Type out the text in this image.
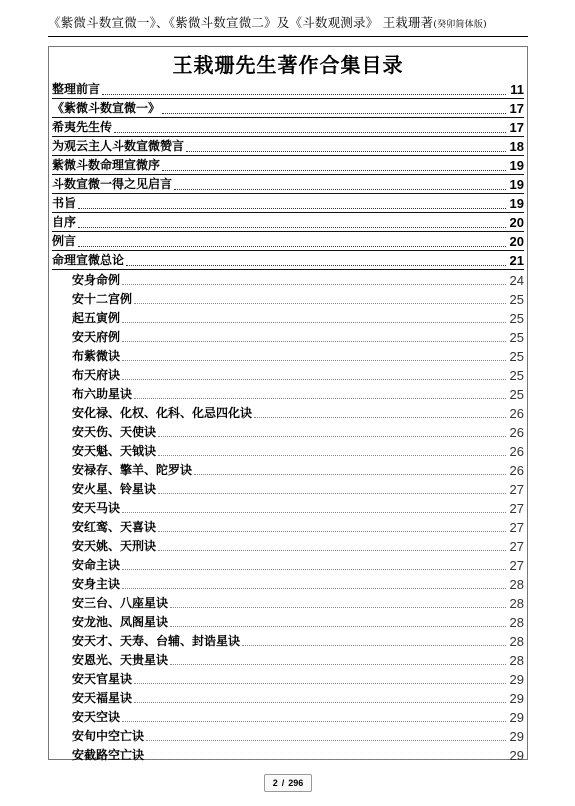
《紫微斗数宣微一》、《紫微斗数宣微二》及《斗数观测录》 王栽珊著(癸卯简体版)
王栽珊先生著作合集目录
整理前言	11
《紫微斗数宣微一》	17
希夷先生传	17
为观云主人斗数宣微赞言	18
紫微斗数命理宣微序	19
斗数宣微一得之见启言	19
书旨	19
自序	20
例言	20
命理宣微总论	21
安身命例	24
安十二宫例	25
起五寅例	25
安天府例	25
布紫微诀	25
布天府诀	25
布六助星诀	25
安化禄、化权、化科、化忌四化诀	26
安天伤、天使诀	26
安天魁、天钺诀	26
安禄存、擎羊、陀罗诀	26
安火星、铃星诀	27
安天马诀	27
安红鸾、天喜诀	27
安天姚、天刑诀	27
安命主诀	27
安身主诀	28
安三台、八座星诀	28
安龙池、凤阁星诀	28
安天才、天寿、台辅、封诰星诀	28
安恩光、天贵星诀	28
安天官星诀	29
安天福星诀	29
安天空诀	29
安旬中空亡诀	29
安截路空亡诀	29
2 / 296
